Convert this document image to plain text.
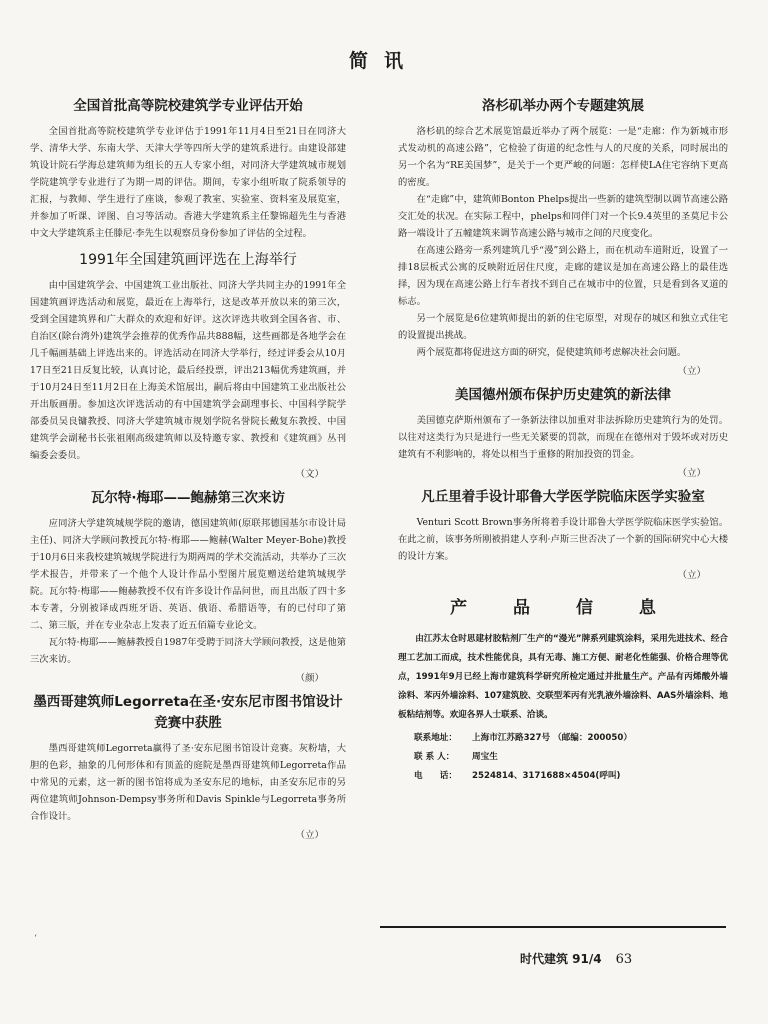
简讯
全国首批高等院校建筑学专业评估开始

全国首批高等院校建筑学专业评估于1991年11月4日至21日在同济大学、清华大学、东南大学、天津大学等四所大学的建筑系进行。由建设部建筑设计院石学海总建筑师为组长的五人专家小组，对同济大学建筑城市规划学院建筑学专业进行了为期一周的评估。期间，专家小组听取了院系领导的汇报，与教师、学生进行了座谈，参观了教室、实验室、资料室及展览室，并参加了听课、评图、自习等活动。香港大学建筑系主任黎锦超先生与香港中文大学建筑系主任滕尼·李先生以观察员身份参加了评估的全过程。

1991年全国建筑画评选在上海举行

由中国建筑学会、中国建筑工业出版社、同济大学共同主办的1991年全国建筑画评选活动和展览，最近在上海举行，这是改革开放以来的第三次，受到全国建筑界和广大群众的欢迎和好评。这次评选共收到全国各省、市、自治区(除台湾外)建筑学会推荐的优秀作品共888幅，这些画都是各地学会在几千幅画基础上评选出来的。评选活动在同济大学举行，经过评委会从10月17日至21日反复比较，认真讨论，最后经投票，评出213幅优秀建筑画，并于10月24日至11月2日在上海美术馆展出，嗣后将由中国建筑工业出版社公开出版画册。参加这次评选活动的有中国建筑学会副理事长、中国科学院学部委员吴良镛教授、同济大学建筑城市规划学院名誉院长戴复东教授、中国建筑学会副秘书长张祖刚高级建筑师以及特邀专家、教授和《建筑画》丛刊编委会委员。

（文）
瓦尔特·梅耶——鲍赫第三次来访

应同济大学建筑城规学院的邀请，德国建筑师(原联邦德国基尔市设计局主任)、同济大学顾问教授瓦尔特·梅耶——鲍赫(Walter Meyer-Bohe)教授于10月6日来我校建筑城规学院进行为期两周的学术交流活动，共举办了三次学术报告，并带来了一个他个人设计作品小型图片展览赠送给建筑城规学院。瓦尔特·梅耶——鲍赫教授不仅有许多设计作品问世，而且出版了四十多本专著，分别被译成西班牙语、英语、俄语、希腊语等，有的已付印了第二、第三版，并在专业杂志上发表了近五佰篇专业论文。

瓦尔特·梅耶——鲍赫教授自1987年受聘于同济大学顾问教授，这是他第三次来访。

（颜）
墨西哥建筑师Legorreta在圣·安东尼市图书馆设计竞赛中获胜

墨西哥建筑师Legorreta赢得了圣·安东尼图书馆设计竞赛。灰粉墙，大胆的色彩，抽象的几何形体和有顶盖的庭院是墨西哥建筑师Legorreta作品中常见的元素，这一新的图书馆将成为圣安东尼的地标，由圣安东尼市的另两位建筑师Johnson-Dempsy事务所和Davis Spinkle与Legorreta事务所合作设计。

（立）
洛杉矶举办两个专题建筑展

洛杉矶的综合艺术展览馆最近举办了两个展览：一是“走廊：作为新城市形式发动机的高速公路”，它检验了街道的纪念性与人的尺度的关系，同时展出的另一个名为“RE美国梦”，是关于一个更严峻的问题：怎样使LA住宅容纳下更高的密度。

在“走廊”中，建筑师Bonton Phelps提出一些新的建筑型制以调节高速公路交汇处的状况。在实际工程中，phelps和同伴门对一个长9.4英里的圣莫尼卡公路一端设计了五幢建筑来调节高速公路与城市之间的尺度变化。

在高速公路旁一系列建筑几乎“漫”到公路上，而在机动车道附近，设置了一排18层板式公寓的反映附近居住尺度，走廊的建议是加在高速公路上的最佳选择，因为现在高速公路上行车者找不到自己在城市中的位置，只是看到各叉道的标志。

另一个展览是6位建筑师提出的新的住宅原型，对现存的城区和独立式住宅的设置提出挑战。

两个展览都将促进这方面的研究，促使建筑师考虑解决社会问题。

（立）
美国德州颁布保护历史建筑的新法律

美国德克萨斯州颁布了一条新法律以加重对非法拆除历史建筑行为的处罚。以往对这类行为只是进行一些无关紧要的罚款，而现在在德州对于毁坏或对历史建筑有不利影响的，将处以相当于重修的附加投资的罚金。

（立）
凡丘里着手设计耶鲁大学医学院临床医学实验室

Venturi Scott Brown事务所将着手设计耶鲁大学医学院临床医学实验馆。在此之前，该事务所刚被捐建人亨利·卢斯三世否决了一个新的国际研究中心大楼的设计方案。

（立）
产 品 信 息

由江苏太仓时思建材胶粘剂厂生产的“漫光”牌系列建筑涂料，采用先进技术、经合理工艺加工而成，技术性能优良，具有无毒、施工方便、耐老化性能强、价格合理等优点，1991年9月已经上海市建筑科学研究所检定通过并批量生产。产品有丙烯酸外墙涂料、苯丙外墙涂料、107建筑胶、交联型苯丙有光乳液外墙涂料、AAS外墙涂料、地板粘结剂等。欢迎各界人士联系、洽谈。

联系地址： 上海市江苏路327号 （邮编：200050）
联 系 人： 周宝生
电　　话： 2524814、3171688×4504(呼叫)
ʻ
时代建筑 91/4 63
